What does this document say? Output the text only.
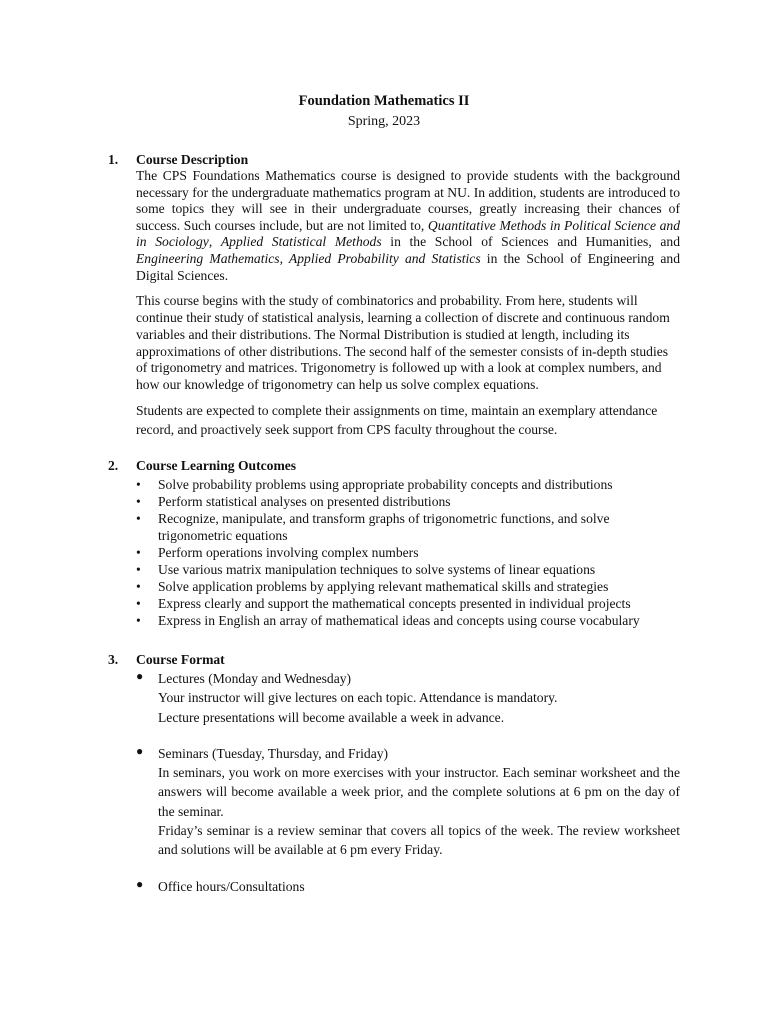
Foundation Mathematics II
Spring, 2023
1.	Course Description

The CPS Foundations Mathematics course is designed to provide students with the background necessary for the undergraduate mathematics program at NU. In addition, students are introduced to some topics they will see in their undergraduate courses, greatly increasing their chances of success. Such courses include, but are not limited to, Quantitative Methods in Political Science and in Sociology, Applied Statistical Methods in the School of Sciences and Humanities, and Engineering Mathematics, Applied Probability and Statistics in the School of Engineering and Digital Sciences.

This course begins with the study of combinatorics and probability. From here, students will continue their study of statistical analysis, learning a collection of discrete and continuous random variables and their distributions. The Normal Distribution is studied at length, including its approximations of other distributions. The second half of the semester consists of in-depth studies of trigonometry and matrices. Trigonometry is followed up with a look at complex numbers, and how our knowledge of trigonometry can help us solve complex equations.

Students are expected to complete their assignments on time, maintain an exemplary attendance record, and proactively seek support from CPS faculty throughout the course.

2.	Course Learning Outcomes
• Solve probability problems using appropriate probability concepts and distributions
• Perform statistical analyses on presented distributions
• Recognize, manipulate, and transform graphs of trigonometric functions, and solve trigonometric equations
• Perform operations involving complex numbers
• Use various matrix manipulation techniques to solve systems of linear equations
• Solve application problems by applying relevant mathematical skills and strategies
• Express clearly and support the mathematical concepts presented in individual projects
• Express in English an array of mathematical ideas and concepts using course vocabulary
3.	Course Format
● Lectures (Monday and Wednesday)
Your instructor will give lectures on each topic. Attendance is mandatory.
Lecture presentations will become available a week in advance.
● Seminars (Tuesday, Thursday, and Friday)
In seminars, you work on more exercises with your instructor. Each seminar worksheet and the answers will become available a week prior, and the complete solutions at 6 pm on the day of the seminar.
Friday’s seminar is a review seminar that covers all topics of the week. The review worksheet and solutions will be available at 6 pm every Friday.
● Office hours/Consultations
